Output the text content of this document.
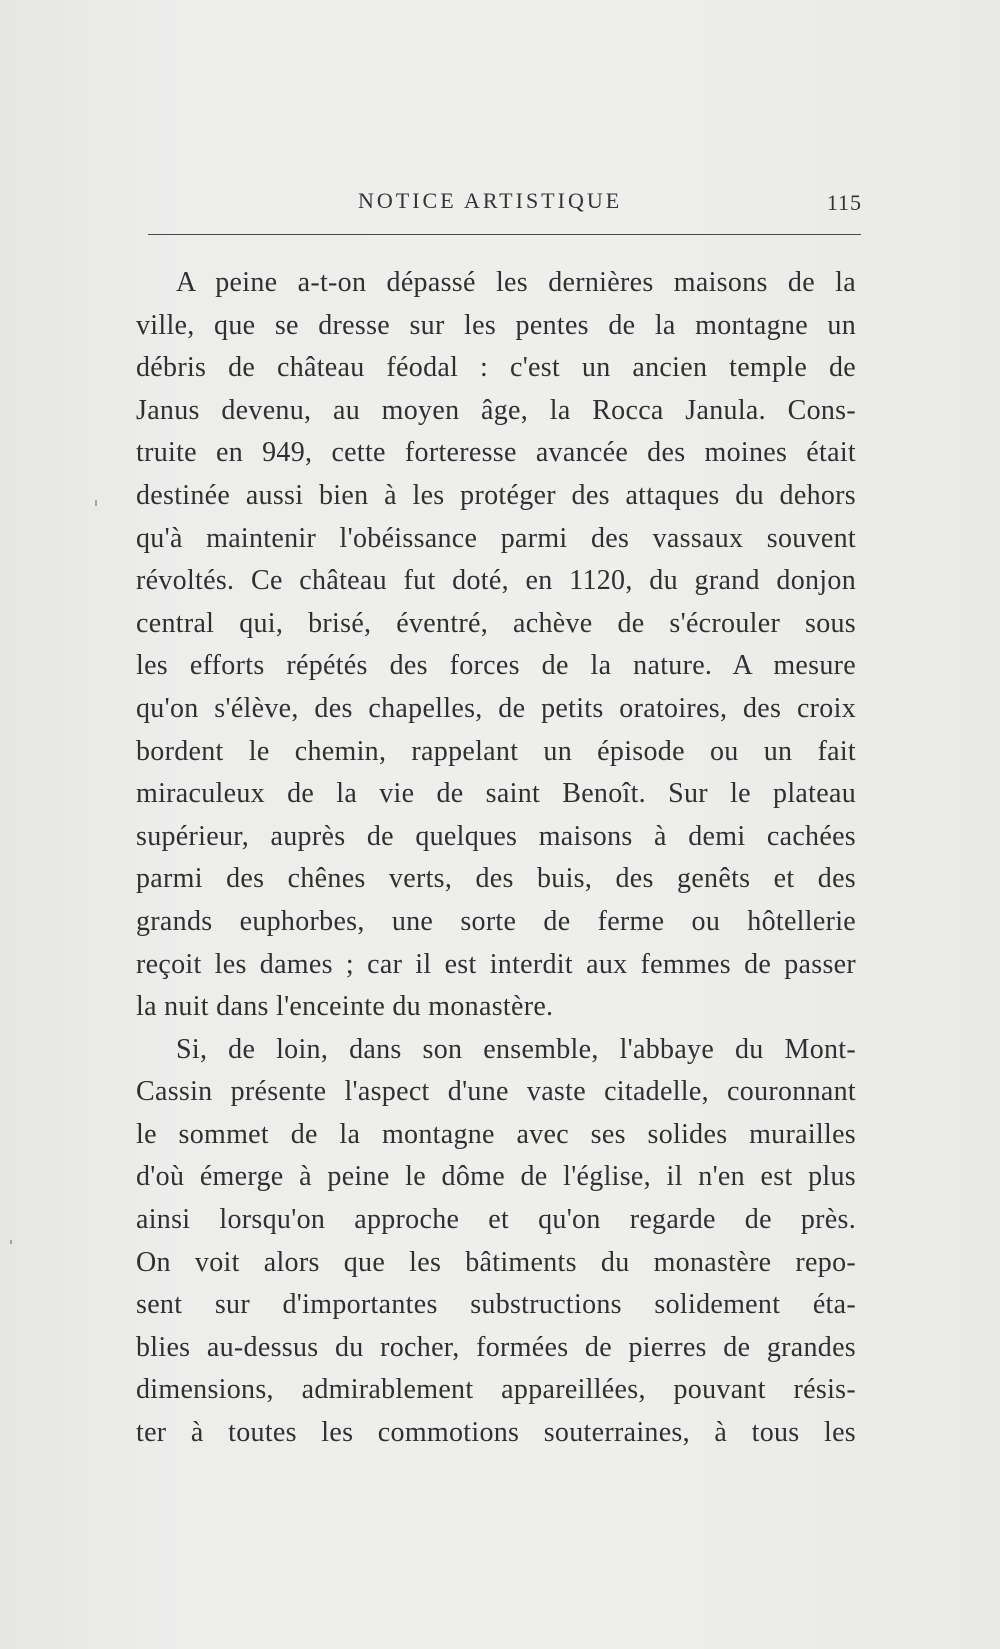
NOTICE ARTISTIQUE	115
A peine a-t-on dépassé les dernières maisons de la
ville, que se dresse sur les pentes de la montagne un
débris de château féodal : c'est un ancien temple de
Janus devenu, au moyen âge, la Rocca Janula. Cons-
truite en 949, cette forteresse avancée des moines était
destinée aussi bien à les protéger des attaques du dehors
qu'à maintenir l'obéissance parmi des vassaux souvent
révoltés. Ce château fut doté, en 1120, du grand donjon
central qui, brisé, éventré, achève de s'écrouler sous
les efforts répétés des forces de la nature. A mesure
qu'on s'élève, des chapelles, de petits oratoires, des croix
bordent le chemin, rappelant un épisode ou un fait
miraculeux de la vie de saint Benoît. Sur le plateau
supérieur, auprès de quelques maisons à demi cachées
parmi des chênes verts, des buis, des genêts et des
grands euphorbes, une sorte de ferme ou hôtellerie
reçoit les dames ; car il est interdit aux femmes de passer
la nuit dans l'enceinte du monastère.
Si, de loin, dans son ensemble, l'abbaye du Mont-
Cassin présente l'aspect d'une vaste citadelle, couronnant
le sommet de la montagne avec ses solides murailles
d'où émerge à peine le dôme de l'église, il n'en est plus
ainsi lorsqu'on approche et qu'on regarde de près.
On voit alors que les bâtiments du monastère repo-
sent sur d'importantes substructions solidement éta-
blies au-dessus du rocher, formées de pierres de grandes
dimensions, admirablement appareillées, pouvant résis-
ter à toutes les commotions souterraines, à tous les
